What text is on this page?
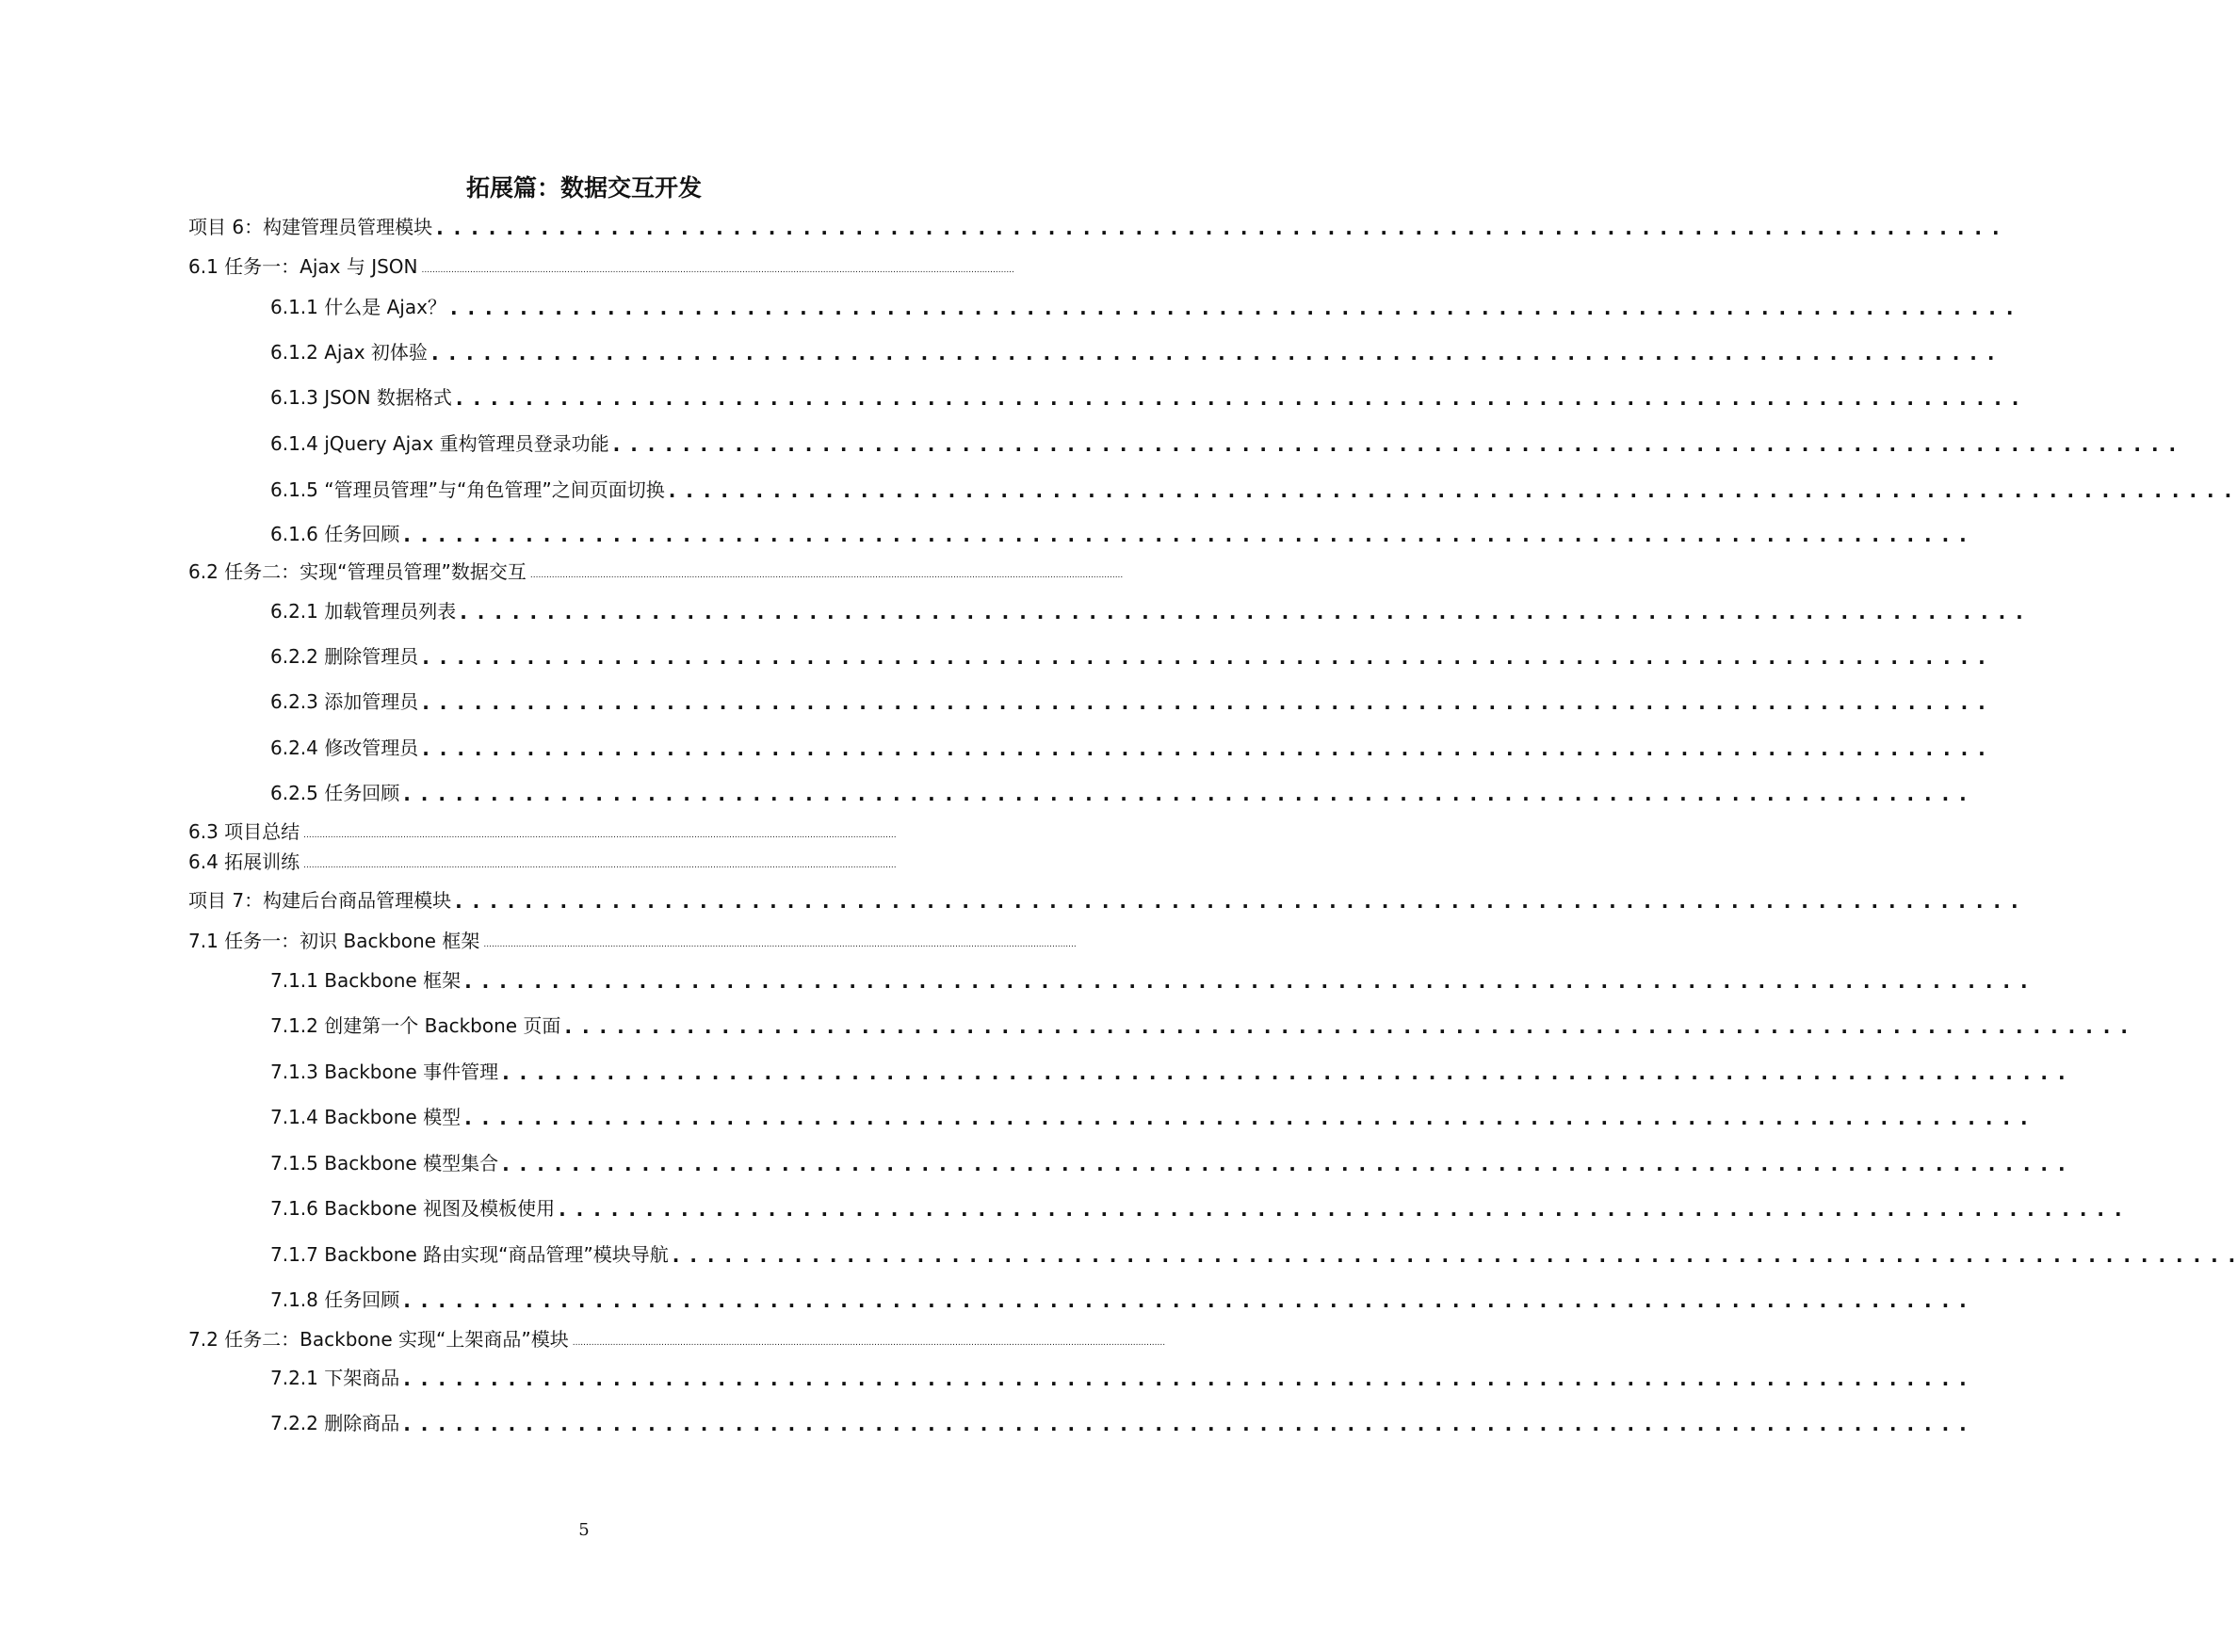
拓展篇：数据交互开发
项目 6：构建管理员管理模块 . . . . . . . . . . . . . . . . . . . . . . . . . . . . . . . . . . . . . . . . . . . . . . . . . . . . . . . . . . . . . . . . . . . . . . . . . . . . . . . . . . . . . . . . . .
6.1 任务一：Ajax 与 JSON ............................................................................................................................................................................................................................
6.1.1 什么是 Ajax？ . . . . . . . . . . . . . . . . . . . . . . . . . . . . . . . . . . . . . . . . . . . . . . . . . . . . . . . . . . . . . . . . . . . . . . . . . . . . . . . . . . . . . . . . . .
6.1.2 Ajax 初体验 . . . . . . . . . . . . . . . . . . . . . . . . . . . . . . . . . . . . . . . . . . . . . . . . . . . . . . . . . . . . . . . . . . . . . . . . . . . . . . . . . . . . . . . . . .
6.1.3 JSON 数据格式 . . . . . . . . . . . . . . . . . . . . . . . . . . . . . . . . . . . . . . . . . . . . . . . . . . . . . . . . . . . . . . . . . . . . . . . . . . . . . . . . . . . . . . . . . .
6.1.4 jQuery Ajax 重构管理员登录功能 . . . . . . . . . . . . . . . . . . . . . . . . . . . . . . . . . . . . . . . . . . . . . . . . . . . . . . . . . . . . . . . . . . . . . . . . . . . . . . . . . . . . . . . . . .
6.1.5 “管理员管理”与“角色管理”之间页面切换 . . . . . . . . . . . . . . . . . . . . . . . . . . . . . . . . . . . . . . . . . . . . . . . . . . . . . . . . . . . . . . . . . . . . . . . . . . . . . . . . . . . . . . . . . .
6.1.6 任务回顾 . . . . . . . . . . . . . . . . . . . . . . . . . . . . . . . . . . . . . . . . . . . . . . . . . . . . . . . . . . . . . . . . . . . . . . . . . . . . . . . . . . . . . . . . . .
6.2 任务二：实现“管理员管理”数据交互 ............................................................................................................................................................................................................................
6.2.1 加载管理员列表 . . . . . . . . . . . . . . . . . . . . . . . . . . . . . . . . . . . . . . . . . . . . . . . . . . . . . . . . . . . . . . . . . . . . . . . . . . . . . . . . . . . . . . . . . .
6.2.2 删除管理员 . . . . . . . . . . . . . . . . . . . . . . . . . . . . . . . . . . . . . . . . . . . . . . . . . . . . . . . . . . . . . . . . . . . . . . . . . . . . . . . . . . . . . . . . . .
6.2.3 添加管理员 . . . . . . . . . . . . . . . . . . . . . . . . . . . . . . . . . . . . . . . . . . . . . . . . . . . . . . . . . . . . . . . . . . . . . . . . . . . . . . . . . . . . . . . . . .
6.2.4 修改管理员 . . . . . . . . . . . . . . . . . . . . . . . . . . . . . . . . . . . . . . . . . . . . . . . . . . . . . . . . . . . . . . . . . . . . . . . . . . . . . . . . . . . . . . . . . .
6.2.5 任务回顾 . . . . . . . . . . . . . . . . . . . . . . . . . . . . . . . . . . . . . . . . . . . . . . . . . . . . . . . . . . . . . . . . . . . . . . . . . . . . . . . . . . . . . . . . . .
6.3 项目总结 ............................................................................................................................................................................................................................
6.4 拓展训练 ............................................................................................................................................................................................................................
项目 7：构建后台商品管理模块 . . . . . . . . . . . . . . . . . . . . . . . . . . . . . . . . . . . . . . . . . . . . . . . . . . . . . . . . . . . . . . . . . . . . . . . . . . . . . . . . . . . . . . . . . .
7.1 任务一：初识 Backbone 框架 ............................................................................................................................................................................................................................
7.1.1 Backbone 框架 . . . . . . . . . . . . . . . . . . . . . . . . . . . . . . . . . . . . . . . . . . . . . . . . . . . . . . . . . . . . . . . . . . . . . . . . . . . . . . . . . . . . . . . . . .
7.1.2 创建第一个 Backbone 页面 . . . . . . . . . . . . . . . . . . . . . . . . . . . . . . . . . . . . . . . . . . . . . . . . . . . . . . . . . . . . . . . . . . . . . . . . . . . . . . . . . . . . . . . . . .
7.1.3 Backbone 事件管理 . . . . . . . . . . . . . . . . . . . . . . . . . . . . . . . . . . . . . . . . . . . . . . . . . . . . . . . . . . . . . . . . . . . . . . . . . . . . . . . . . . . . . . . . . .
7.1.4 Backbone 模型 . . . . . . . . . . . . . . . . . . . . . . . . . . . . . . . . . . . . . . . . . . . . . . . . . . . . . . . . . . . . . . . . . . . . . . . . . . . . . . . . . . . . . . . . . .
7.1.5 Backbone 模型集合 . . . . . . . . . . . . . . . . . . . . . . . . . . . . . . . . . . . . . . . . . . . . . . . . . . . . . . . . . . . . . . . . . . . . . . . . . . . . . . . . . . . . . . . . . .
7.1.6 Backbone 视图及模板使用 . . . . . . . . . . . . . . . . . . . . . . . . . . . . . . . . . . . . . . . . . . . . . . . . . . . . . . . . . . . . . . . . . . . . . . . . . . . . . . . . . . . . . . . . . .
7.1.7 Backbone 路由实现“商品管理”模块导航 . . . . . . . . . . . . . . . . . . . . . . . . . . . . . . . . . . . . . . . . . . . . . . . . . . . . . . . . . . . . . . . . . . . . . . . . . . . . . . . . . . . . . . . . . .
7.1.8 任务回顾 . . . . . . . . . . . . . . . . . . . . . . . . . . . . . . . . . . . . . . . . . . . . . . . . . . . . . . . . . . . . . . . . . . . . . . . . . . . . . . . . . . . . . . . . . .
7.2 任务二：Backbone 实现“上架商品”模块 ............................................................................................................................................................................................................................
7.2.1 下架商品 . . . . . . . . . . . . . . . . . . . . . . . . . . . . . . . . . . . . . . . . . . . . . . . . . . . . . . . . . . . . . . . . . . . . . . . . . . . . . . . . . . . . . . . . . .
7.2.2 删除商品 . . . . . . . . . . . . . . . . . . . . . . . . . . . . . . . . . . . . . . . . . . . . . . . . . . . . . . . . . . . . . . . . . . . . . . . . . . . . . . . . . . . . . . . . . .
5
